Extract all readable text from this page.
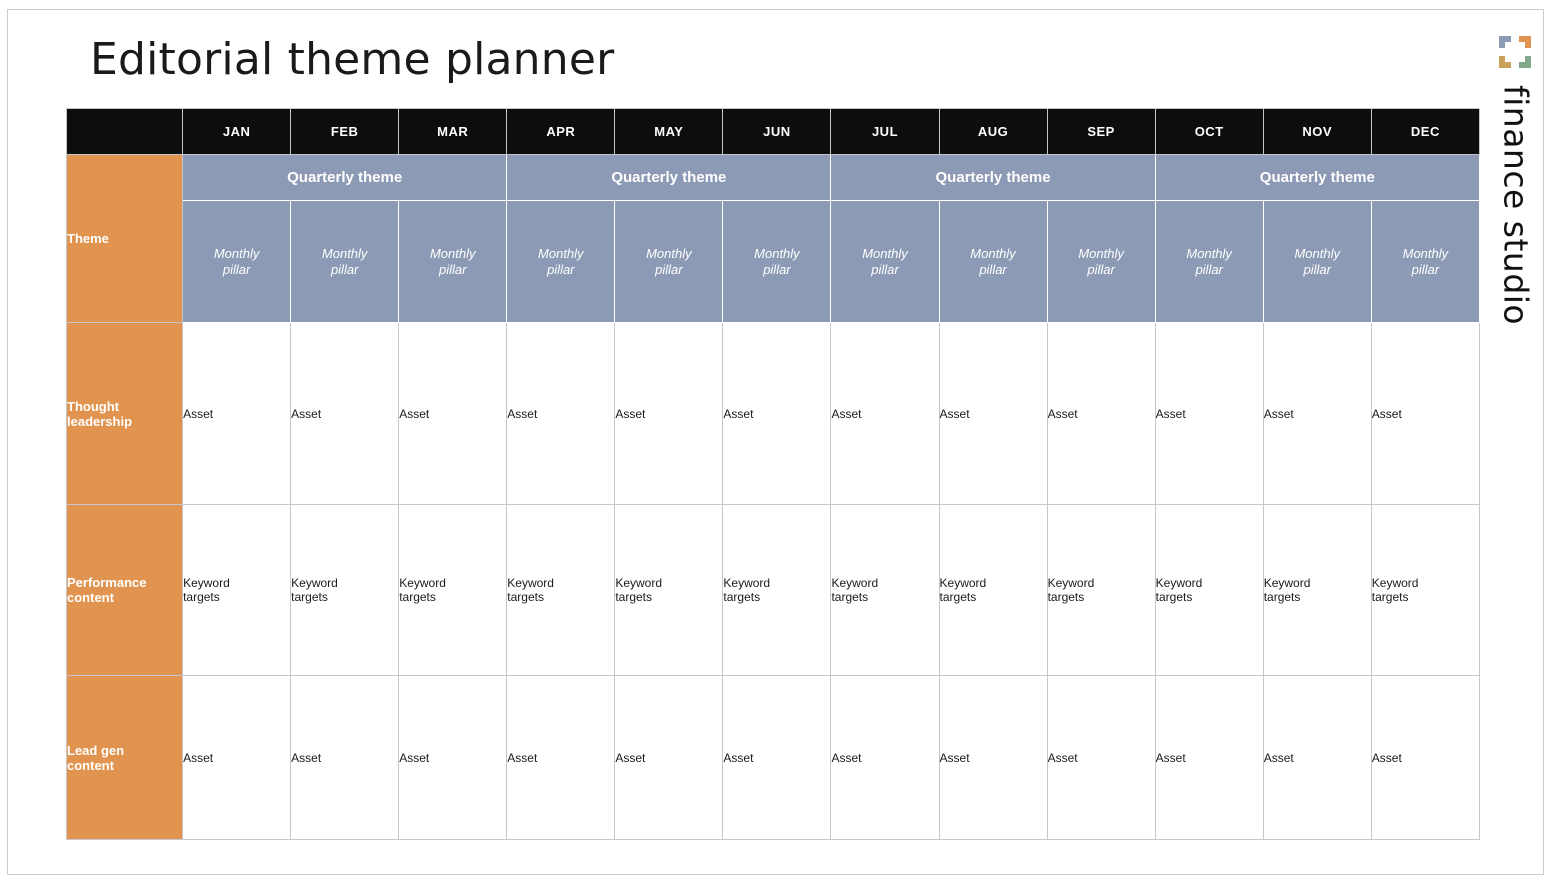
Editorial theme planner
finance studio
	JAN	FEB	MAR	APR	MAY	JUN	JUL	AUG	SEP	OCT	NOV	DEC
Theme	Quarterly theme			Quarterly theme			Quarterly theme			Quarterly theme		
	Monthly pillar	Monthly pillar	Monthly pillar	Monthly pillar	Monthly pillar	Monthly pillar	Monthly pillar	Monthly pillar	Monthly pillar	Monthly pillar	Monthly pillar	Monthly pillar
Thought leadership	Asset	Asset	Asset	Asset	Asset	Asset	Asset	Asset	Asset	Asset	Asset	Asset
Performance content	Keyword targets	Keyword targets	Keyword targets	Keyword targets	Keyword targets	Keyword targets	Keyword targets	Keyword targets	Keyword targets	Keyword targets	Keyword targets	Keyword targets
Lead gen content	Asset	Asset	Asset	Asset	Asset	Asset	Asset	Asset	Asset	Asset	Asset	Asset
